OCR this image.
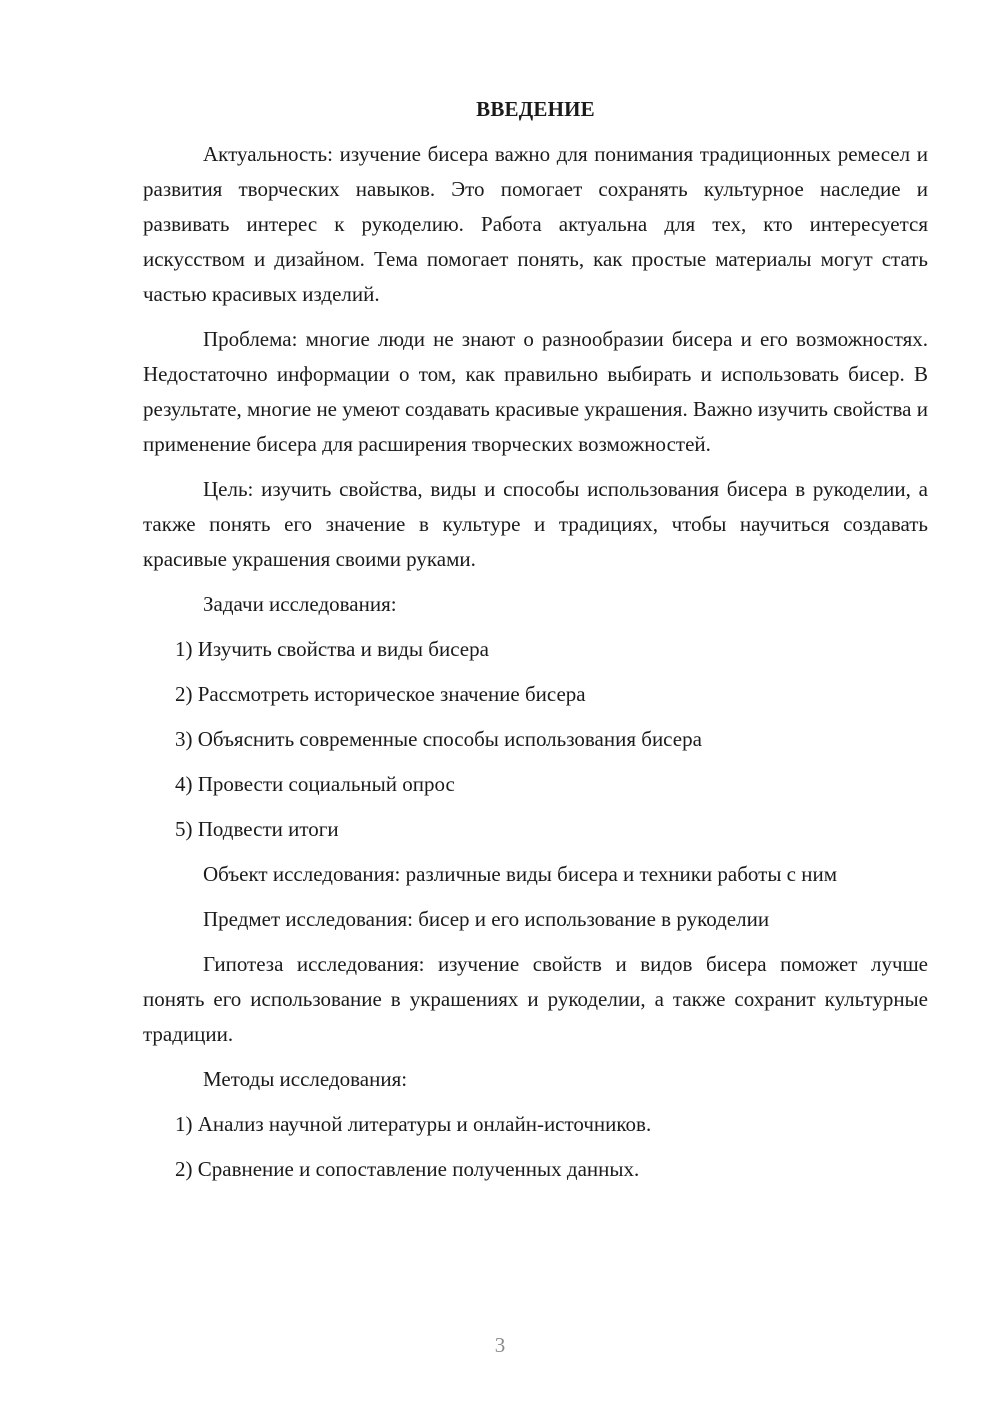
ВВЕДЕНИЕ

Актуальность: изучение бисера важно для понимания традиционных ремесел и развития творческих навыков. Это помогает сохранять культурное наследие и развивать интерес к рукоделию. Работа актуальна для тех, кто интересуется искусством и дизайном. Тема помогает понять, как простые материалы могут стать частью красивых изделий.

Проблема: многие люди не знают о разнообразии бисера и его возможностях. Недостаточно информации о том, как правильно выбирать и использовать бисер. В результате, многие не умеют создавать красивые украшения. Важно изучить свойства и применение бисера для расширения творческих возможностей.

Цель: изучить свойства, виды и способы использования бисера в рукоделии, а также понять его значение в культуре и традициях, чтобы научиться создавать красивые украшения своими руками.

Задачи исследования:

1) Изучить свойства и виды бисера

2) Рассмотреть историческое значение бисера

3) Объяснить современные способы использования бисера

4) Провести социальный опрос

5) Подвести итоги

Объект исследования: различные виды бисера и техники работы с ним

Предмет исследования: бисер и его использование в рукоделии

Гипотеза исследования: изучение свойств и видов бисера поможет лучше понять его использование в украшениях и рукоделии, а также сохранит культурные традиции.

Методы исследования:

1) Анализ научной литературы и онлайн-источников.

2) Сравнение и сопоставление полученных данных.

3
